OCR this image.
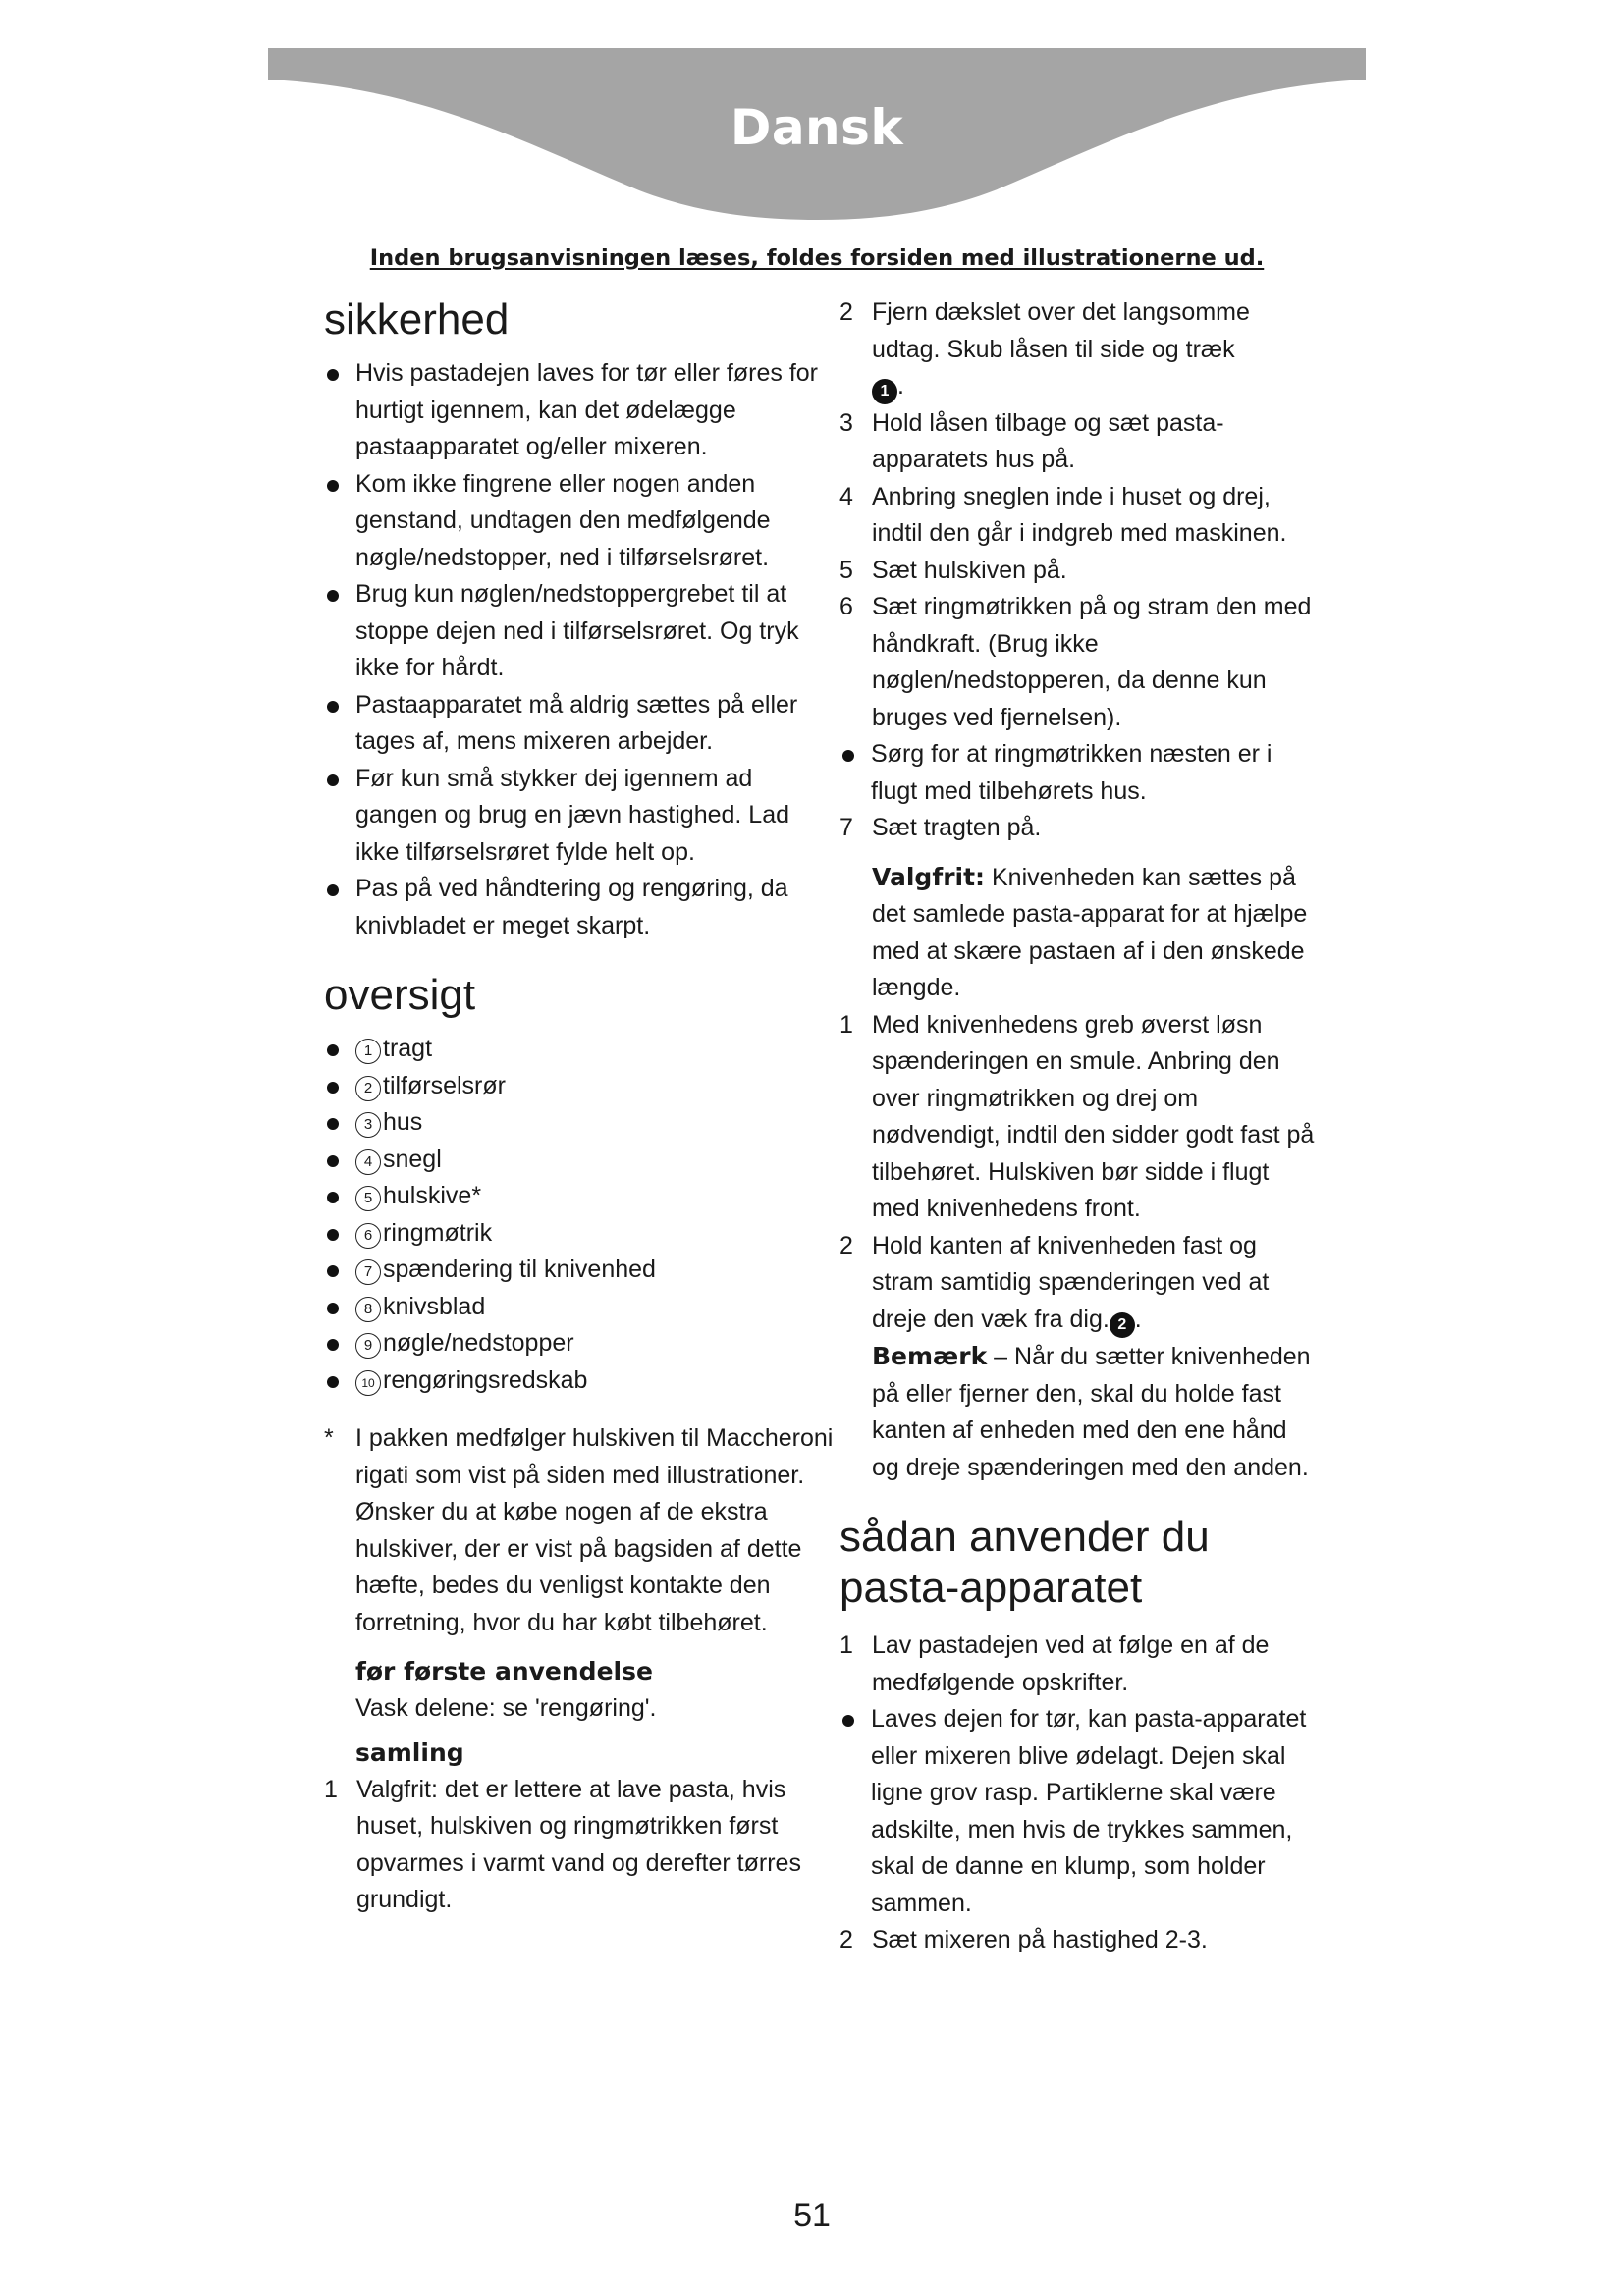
Dansk
Inden brugsanvisningen læses, foldes forsiden med illustrationerne ud.
sikkerhed
Hvis pastadejen laves for tør eller føres for hurtigt igennem, kan det ødelægge pastaapparatet og/eller mixeren.
Kom ikke fingrene eller nogen anden genstand, undtagen den medfølgende nøgle/nedstopper, ned i tilførselsrøret.
Brug kun nøglen/nedstoppergrebet til at stoppe dejen ned i tilførselsrøret. Og tryk ikke for hårdt.
Pastaapparatet må aldrig sættes på eller tages af, mens mixeren arbejder.
Før kun små stykker dej igennem ad gangen og brug en jævn hastighed. Lad ikke tilførselsrøret fylde helt op.
Pas på ved håndtering og rengøring, da knivbladet er meget skarpt.
oversigt
1 tragt
2 tilførselsrør
3 hus
4 snegl
5 hulskive*
6 ringmøtrik
7 spændering til knivenhed
8 knivsblad
9 nøgle/nedstopper
10 rengøringsredskab
* I pakken medfølger hulskiven til Maccheroni rigati som vist på siden med illustrationer. Ønsker du at købe nogen af de ekstra hulskiver, der er vist på bagsiden af dette hæfte, bedes du venligst kontakte den forretning, hvor du har købt tilbehøret.
før første anvendelse
Vask delene: se 'rengøring'.
samling
1 Valgfrit: det er lettere at lave pasta, hvis huset, hulskiven og ringmøtrikken først opvarmes i varmt vand og derefter tørres grundigt.
2 Fjern dækslet over det langsomme udtag. Skub låsen til side og træk
1 .
3 Hold låsen tilbage og sæt pasta-apparatets hus på.
4 Anbring sneglen inde i huset og drej, indtil den går i indgreb med maskinen.
5 Sæt hulskiven på.
6 Sæt ringmøtrikken på og stram den med håndkraft. (Brug ikke nøglen/nedstopperen, da denne kun bruges ved fjernelsen).
Sørg for at ringmøtrikken næsten er i flugt med tilbehørets hus.
7 Sæt tragten på.
Valgfrit: Knivenheden kan sættes på det samlede pasta-apparat for at hjælpe med at skære pastaen af i den ønskede længde.
1 Med knivenhedens greb øverst løsn spænderingen en smule. Anbring den over ringmøtrikken og drej om nødvendigt, indtil den sidder godt fast på tilbehøret. Hulskiven bør sidde i flugt med knivenhedens front.
2 Hold kanten af knivenheden fast og stram samtidig spænderingen ved at dreje den væk fra dig. 2 .
Bemærk – Når du sætter knivenheden på eller fjerner den, skal du holde fast kanten af enheden med den ene hånd og dreje spænderingen med den anden.
sådan anvender du
pasta-apparatet
1 Lav pastadejen ved at følge en af de medfølgende opskrifter.
Laves dejen for tør, kan pasta-apparatet eller mixeren blive ødelagt. Dejen skal ligne grov rasp. Partiklerne skal være adskilte, men hvis de trykkes sammen, skal de danne en klump, som holder sammen.
2 Sæt mixeren på hastighed 2-3.
51
